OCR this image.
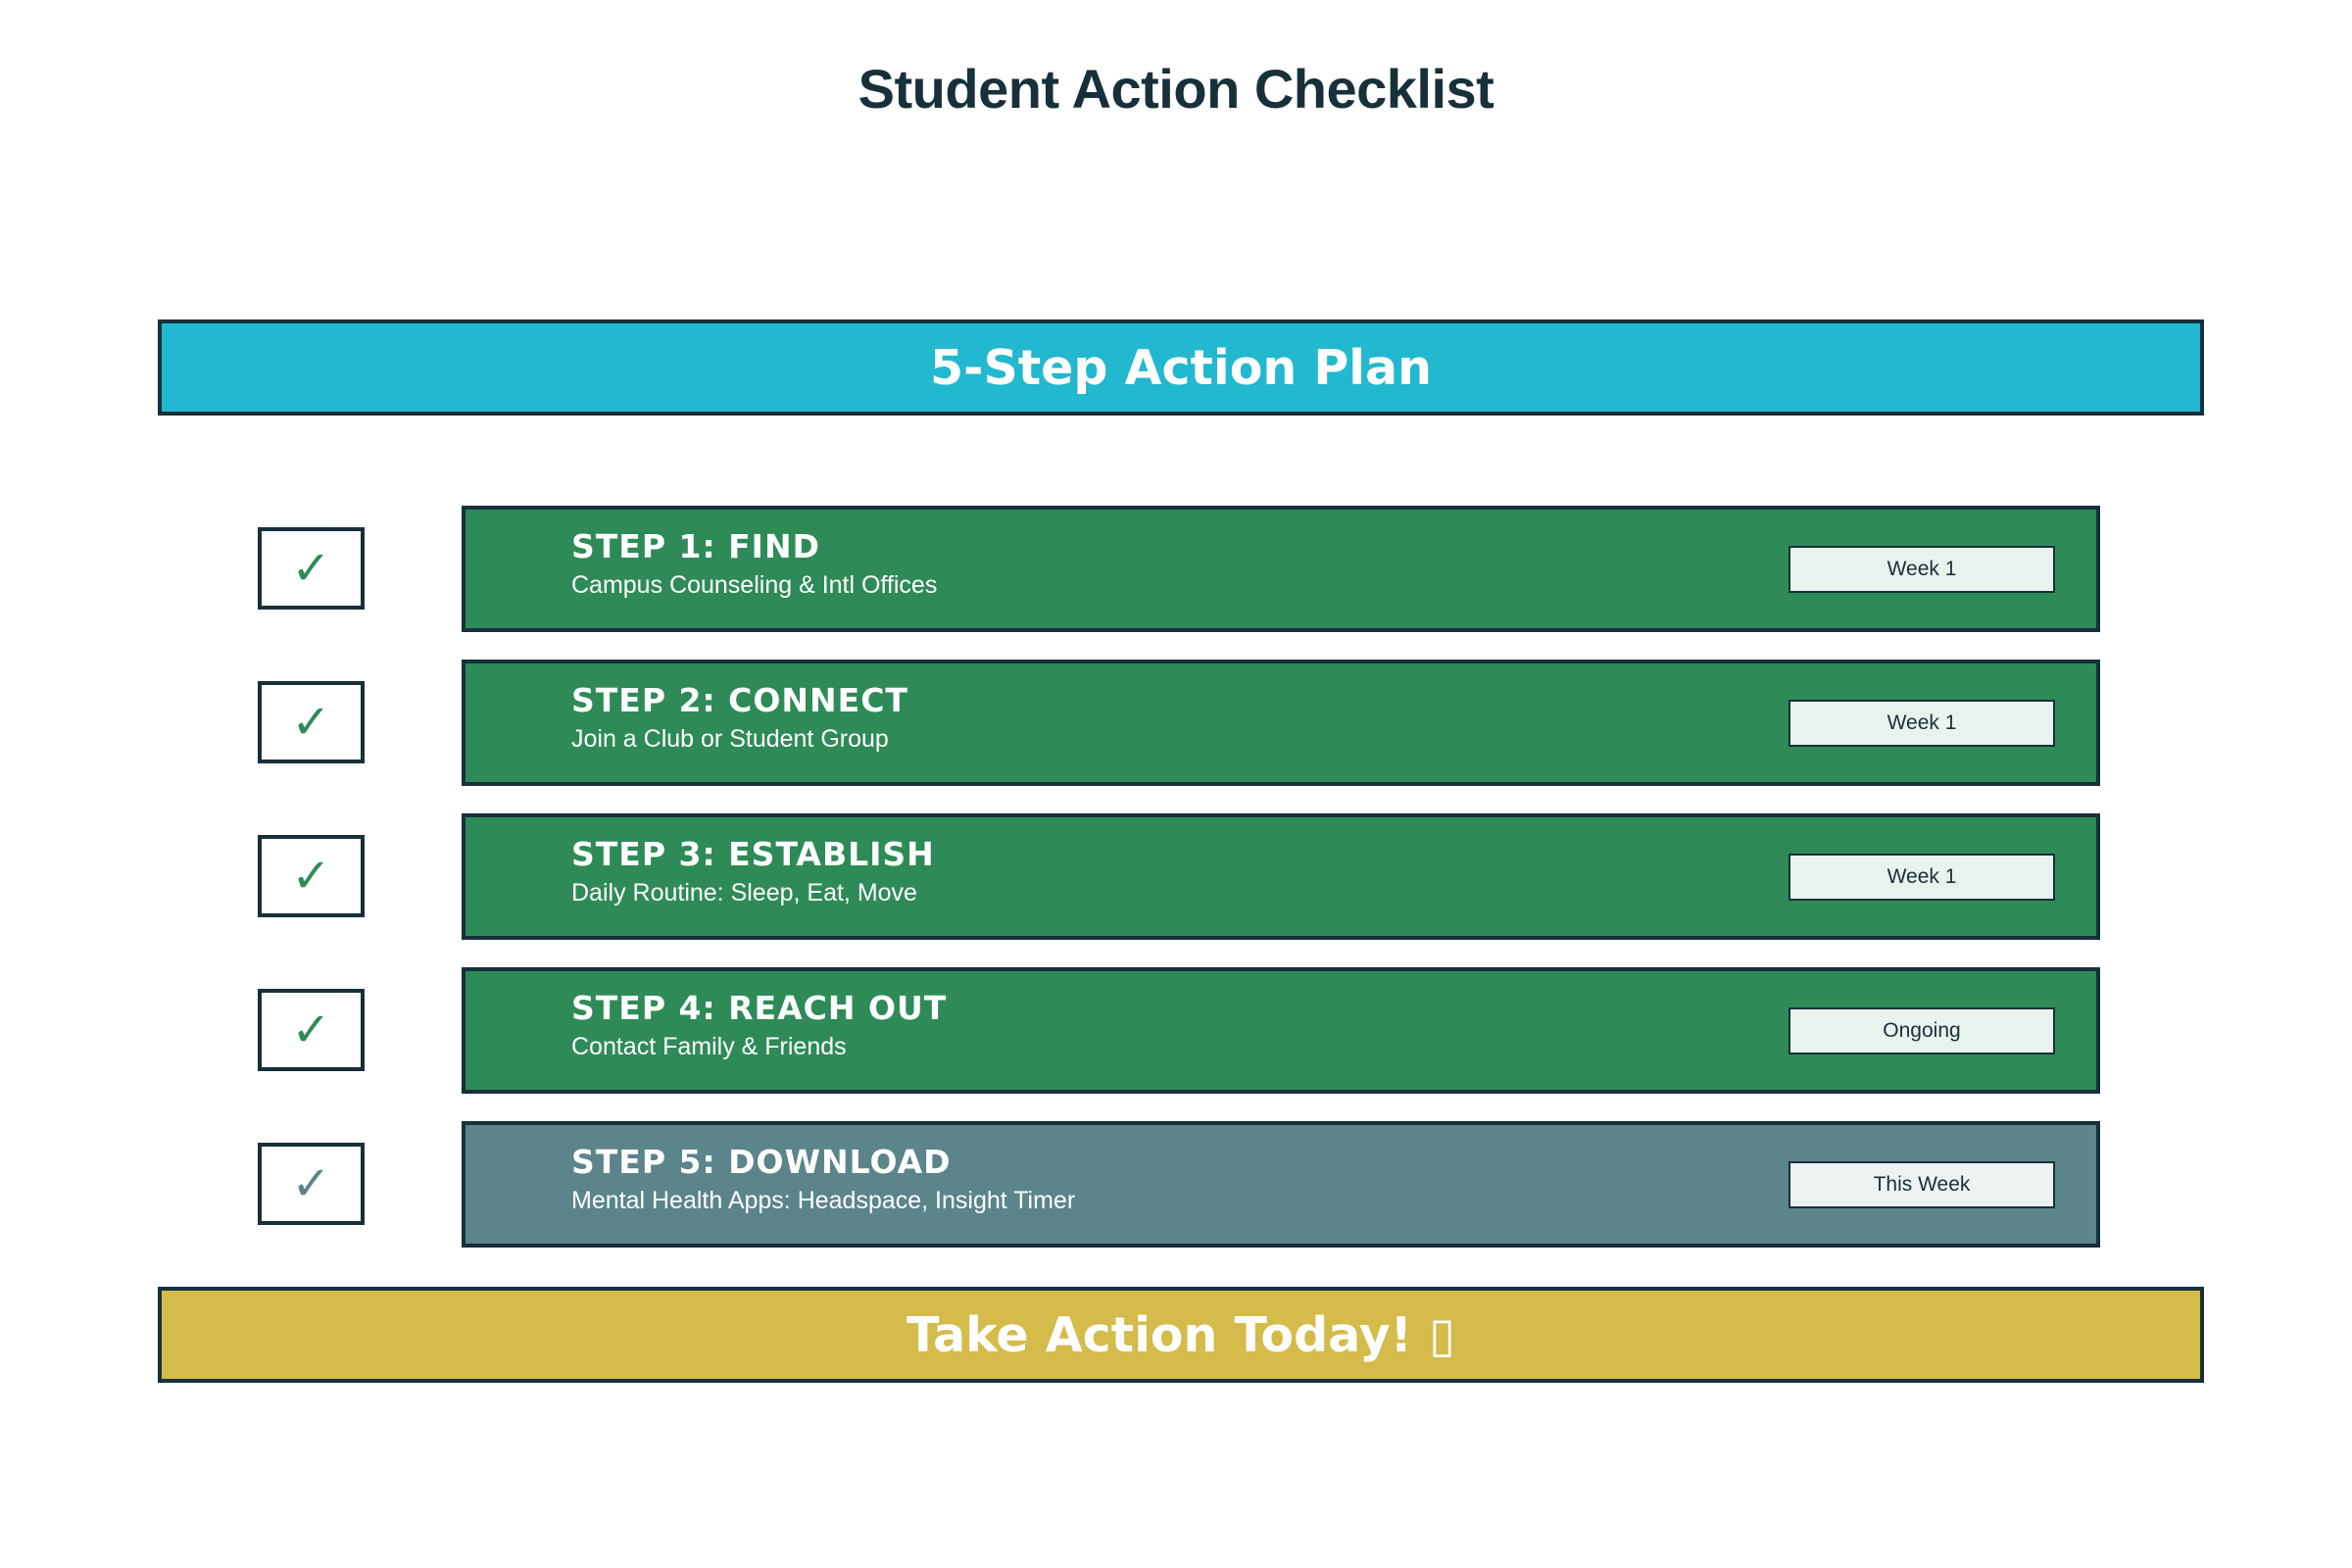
Student Action Checklist
5-Step Action Plan
✓	STEP 1: FIND
Campus Counseling & Intl Offices
Week 1
✓	STEP 2: CONNECT
Join a Club or Student Group
Week 1
✓	STEP 3: ESTABLISH
Daily Routine: Sleep, Eat, Move
Week 1
✓	STEP 4: REACH OUT
Contact Family & Friends
Ongoing
✓	STEP 5: DOWNLOAD
Mental Health Apps: Headspace, Insight Timer
This Week
Take Action Today! ▯
